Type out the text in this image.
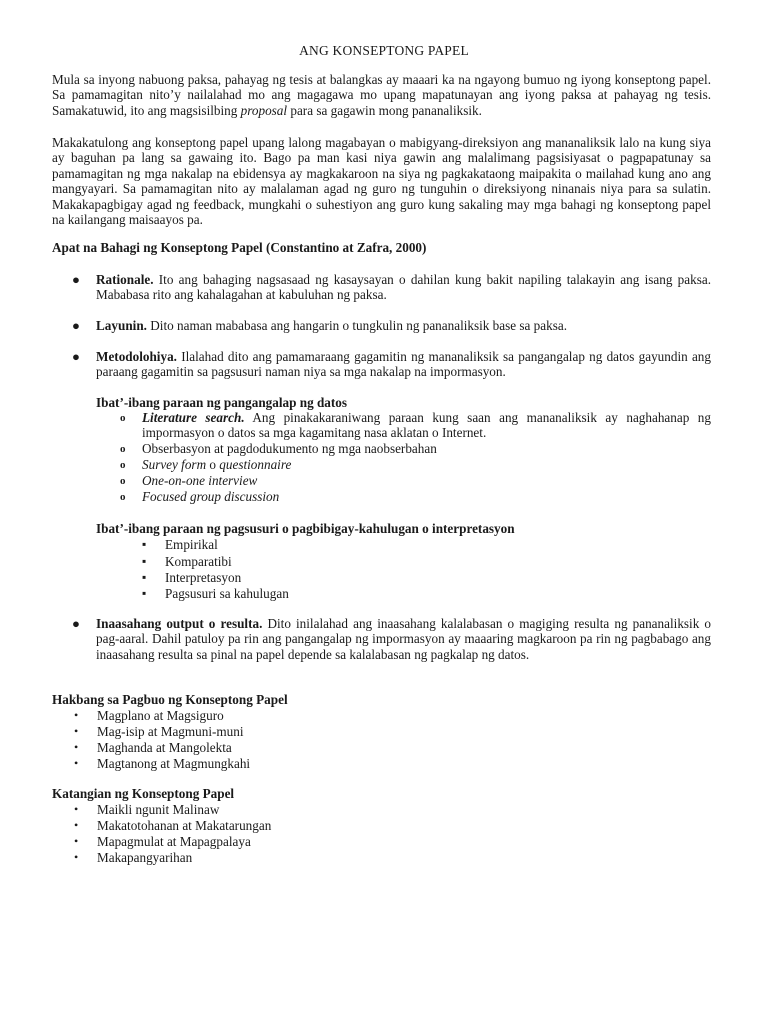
ANG KONSEPTONG PAPEL
Mula sa inyong nabuong paksa, pahayag ng tesis at balangkas ay maaari ka na ngayong bumuo ng iyong konseptong papel. Sa pamamagitan nito’y nailalahad mo ang magagawa mo upang mapatunayan ang iyong paksa at pahayag ng tesis. Samakatuwid, ito ang magsisilbing proposal para sa gagawin mong pananaliksik.
Makakatulong ang konseptong papel upang lalong magabayan o mabigyang-direksiyon ang mananaliksik lalo na kung siya ay baguhan pa lang sa gawaing ito. Bago pa man kasi niya gawin ang malalimang pagsisiyasat o pagpapatunay sa pamamagitan ng mga nakalap na ebidensya ay magkakaroon na siya ng pagkakataong maipakita o mailahad kung ano ang mangyayari. Sa pamamagitan nito ay malalaman agad ng guro ng tunguhin o direksiyong ninanais niya para sa sulatin. Makakapagbigay agad ng feedback, mungkahi o suhestiyon ang guro kung sakaling may mga bahagi ng konseptong papel na kailangang maisaayos pa.
Apat na Bahagi ng Konseptong Papel (Constantino at Zafra, 2000)
●	Rationale. Ito ang bahaging nagsasaad ng kasaysayan o dahilan kung bakit napiling talakayin ang isang paksa. Mababasa rito ang kahalagahan at kabuluhan ng paksa.
●	Layunin. Dito naman mababasa ang hangarin o tungkulin ng pananaliksik base sa paksa.
●	Metodolohiya. Ilalahad dito ang pamamaraang gagamitin ng mananaliksik sa pangangalap ng datos gayundin ang paraang gagamitin sa pagsusuri naman niya sa mga nakalap na impormasyon.
Ibat’-ibang paraan ng pangangalap ng datos
o Literature search. Ang pinakakaraniwang paraan kung saan ang mananaliksik ay naghahanap ng impormasyon o datos sa mga kagamitang nasa aklatan o Internet.
o Obserbasyon at pagdodukumento ng mga naobserbahan
o Survey form o questionnaire
o One-on-one interview
o Focused group discussion
Ibat’-ibang paraan ng pagsusuri o pagbibigay-kahulugan o interpretasyon
▪ Empirikal
▪ Komparatibi
▪ Interpretasyon
▪ Pagsusuri sa kahulugan
●	Inaasahang output o resulta. Dito inilalahad ang inaasahang kalalabasan o magiging resulta ng pananaliksik o pag-aaral. Dahil patuloy pa rin ang pangangalap ng impormasyon ay maaaring magkaroon pa rin ng pagbabago ang inaasahang resulta sa pinal na papel depende sa kalalabasan ng pagkalap ng datos.
Hakbang sa Pagbuo ng Konseptong Papel
• Magplano at Magsiguro
• Mag-isip at Magmuni-muni
• Maghanda at Mangolekta
• Magtanong at Magmungkahi
Katangian ng Konseptong Papel
• Maikli ngunit Malinaw
• Makatotohanan at Makatarungan
• Mapagmulat at Mapagpalaya
• Makapangyarihan
